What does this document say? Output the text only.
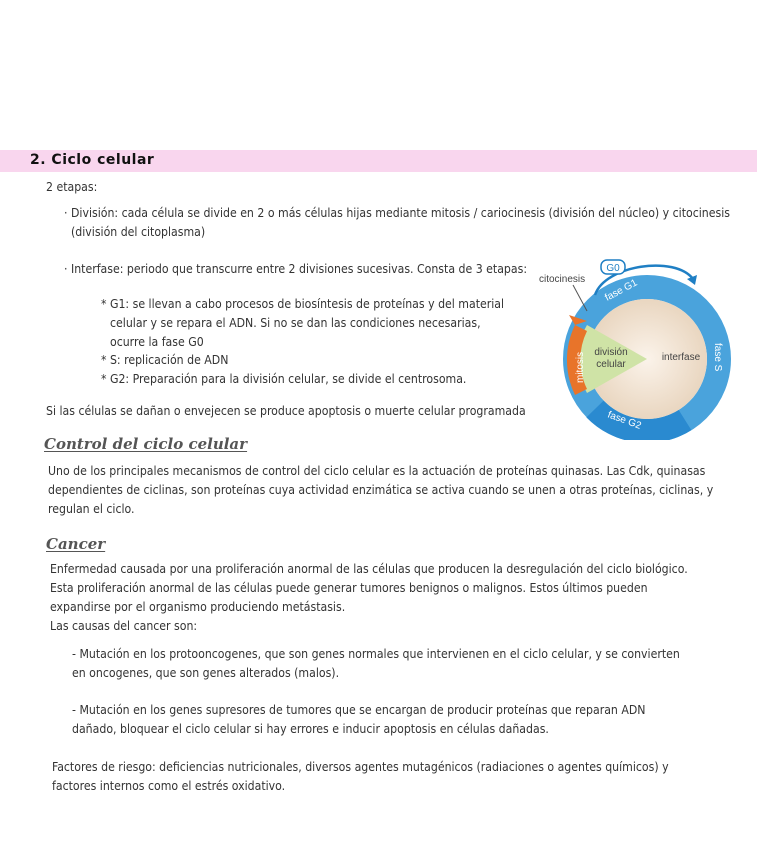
2. Ciclo celular
2 etapas:
· División: cada célula se divide en 2 o más células hijas mediante mitosis / cariocinesis (división del núcleo) y citocinesis
(división del citoplasma)
· Interfase: periodo que transcurre entre 2 divisiones sucesivas. Consta de 3 etapas:
* G1: se llevan a cabo procesos de biosíntesis de proteínas y del material
celular y se repara el ADN. Si no se dan las condiciones necesarias,
ocurre la fase G0
* S: replicación de ADN
* G2: Preparación para la división celular, se divide el centrosoma.
Si las células se dañan o envejecen se produce apoptosis o muerte celular programada
G0
citocinesis fase G1
fase S
fase G2
mitosis división
celular
interfase
Control del ciclo celular
Uno de los principales mecanismos de control del ciclo celular es la actuación de proteínas quinasas. Las Cdk, quinasas
dependientes de ciclinas, son proteínas cuya actividad enzimática se activa cuando se unen a otras proteínas, ciclinas, y
regulan el ciclo.
Cancer
Enfermedad causada por una proliferación anormal de las células que producen la desregulación del ciclo biológico.
Esta proliferación anormal de las células puede generar tumores benignos o malignos. Estos últimos pueden
expandirse por el organismo produciendo metástasis.
Las causas del cancer son:
- Mutación en los protooncogenes, que son genes normales que intervienen en el ciclo celular, y se convierten
en oncogenes, que son genes alterados (malos).
- Mutación en los genes supresores de tumores que se encargan de producir proteínas que reparan ADN
dañado, bloquear el ciclo celular si hay errores e inducir apoptosis en células dañadas.
Factores de riesgo: deficiencias nutricionales, diversos agentes mutagénicos (radiaciones o agentes químicos) y
factores internos como el estrés oxidativo.
